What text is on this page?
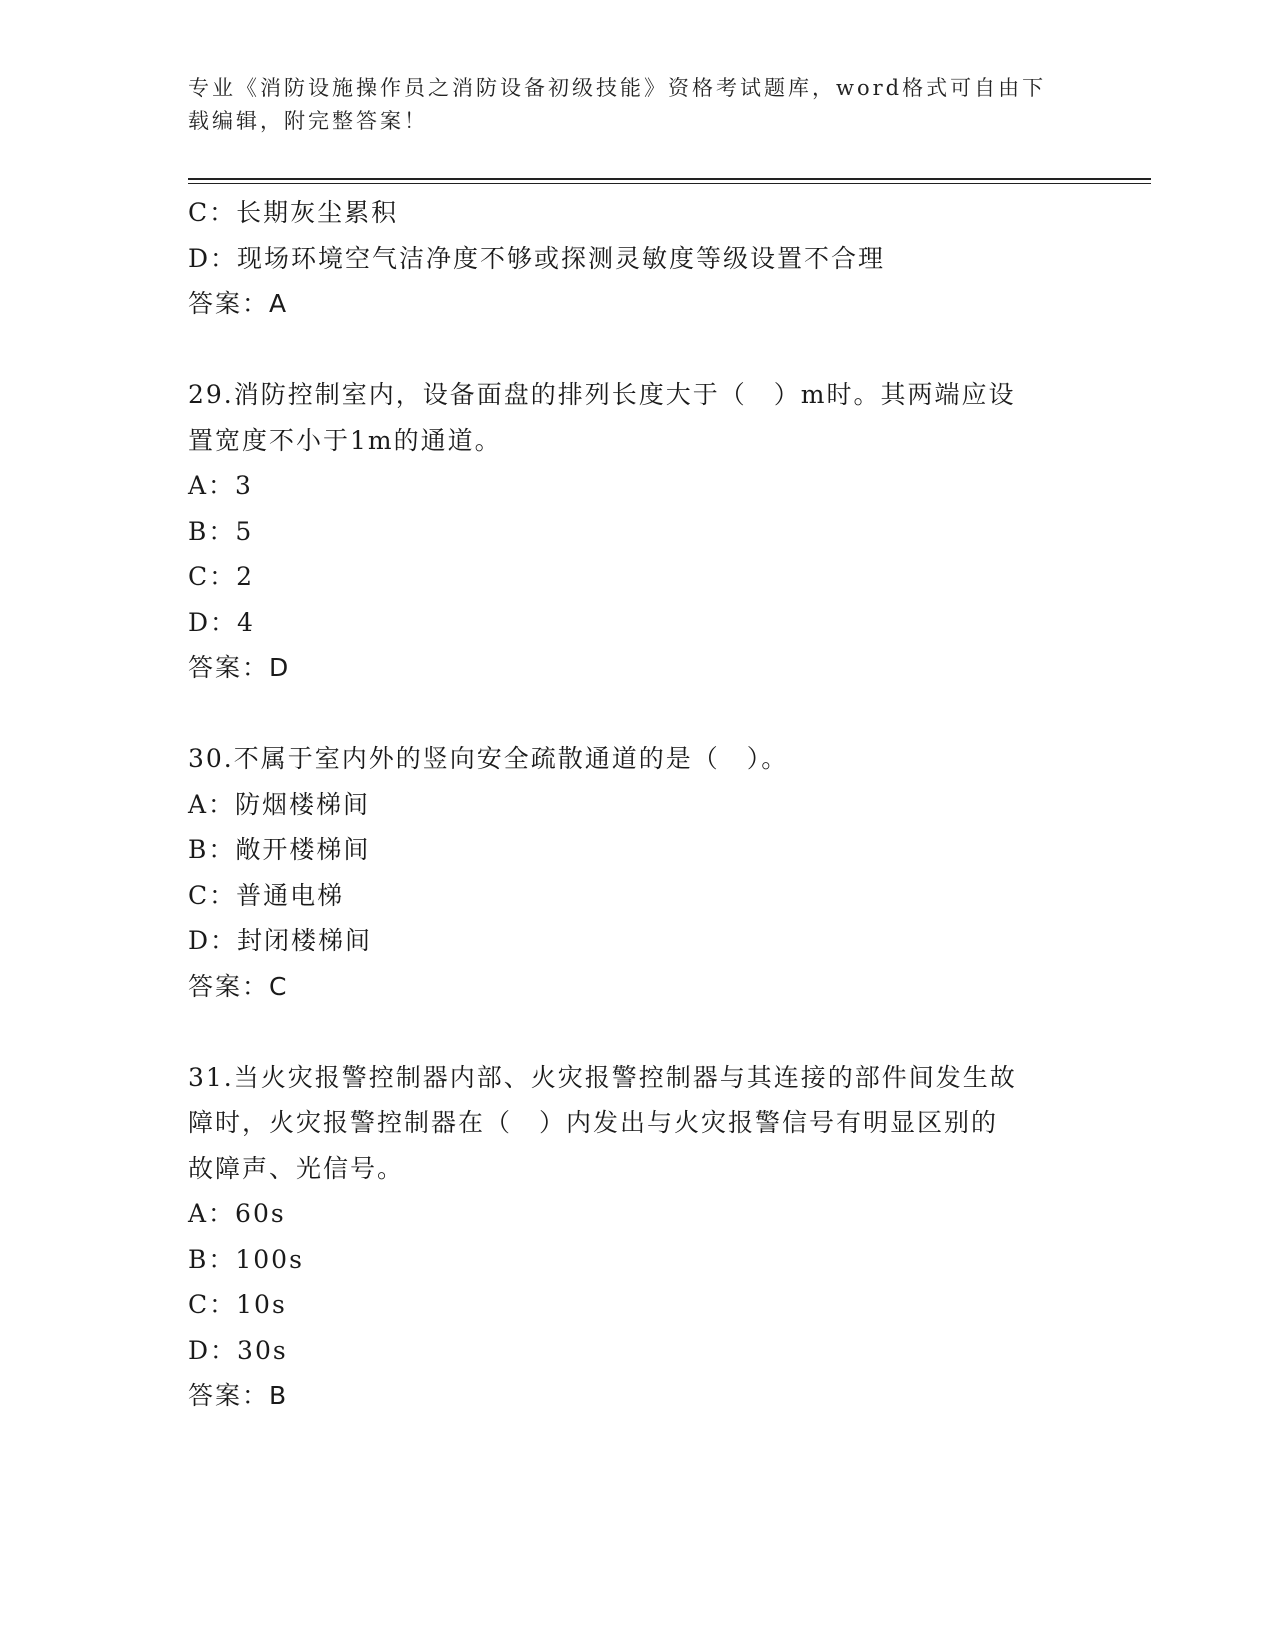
专业《消防设施操作员之消防设备初级技能》资格考试题库，word格式可自由下
载编辑，附完整答案！
C：长期灰尘累积
D：现场环境空气洁净度不够或探测灵敏度等级设置不合理
答案：A
29.消防控制室内，设备面盘的排列长度大于（　）m时。其两端应设
置宽度不小于1m的通道。
A：3
B：5
C：2
D：4
答案：D
30.不属于室内外的竖向安全疏散通道的是（　）。
A：防烟楼梯间
B：敞开楼梯间
C：普通电梯
D：封闭楼梯间
答案：C
31.当火灾报警控制器内部、火灾报警控制器与其连接的部件间发生故
障时，火灾报警控制器在（　）内发出与火灾报警信号有明显区别的
故障声、光信号。
A：60s
B：100s
C：10s
D：30s
答案：B
